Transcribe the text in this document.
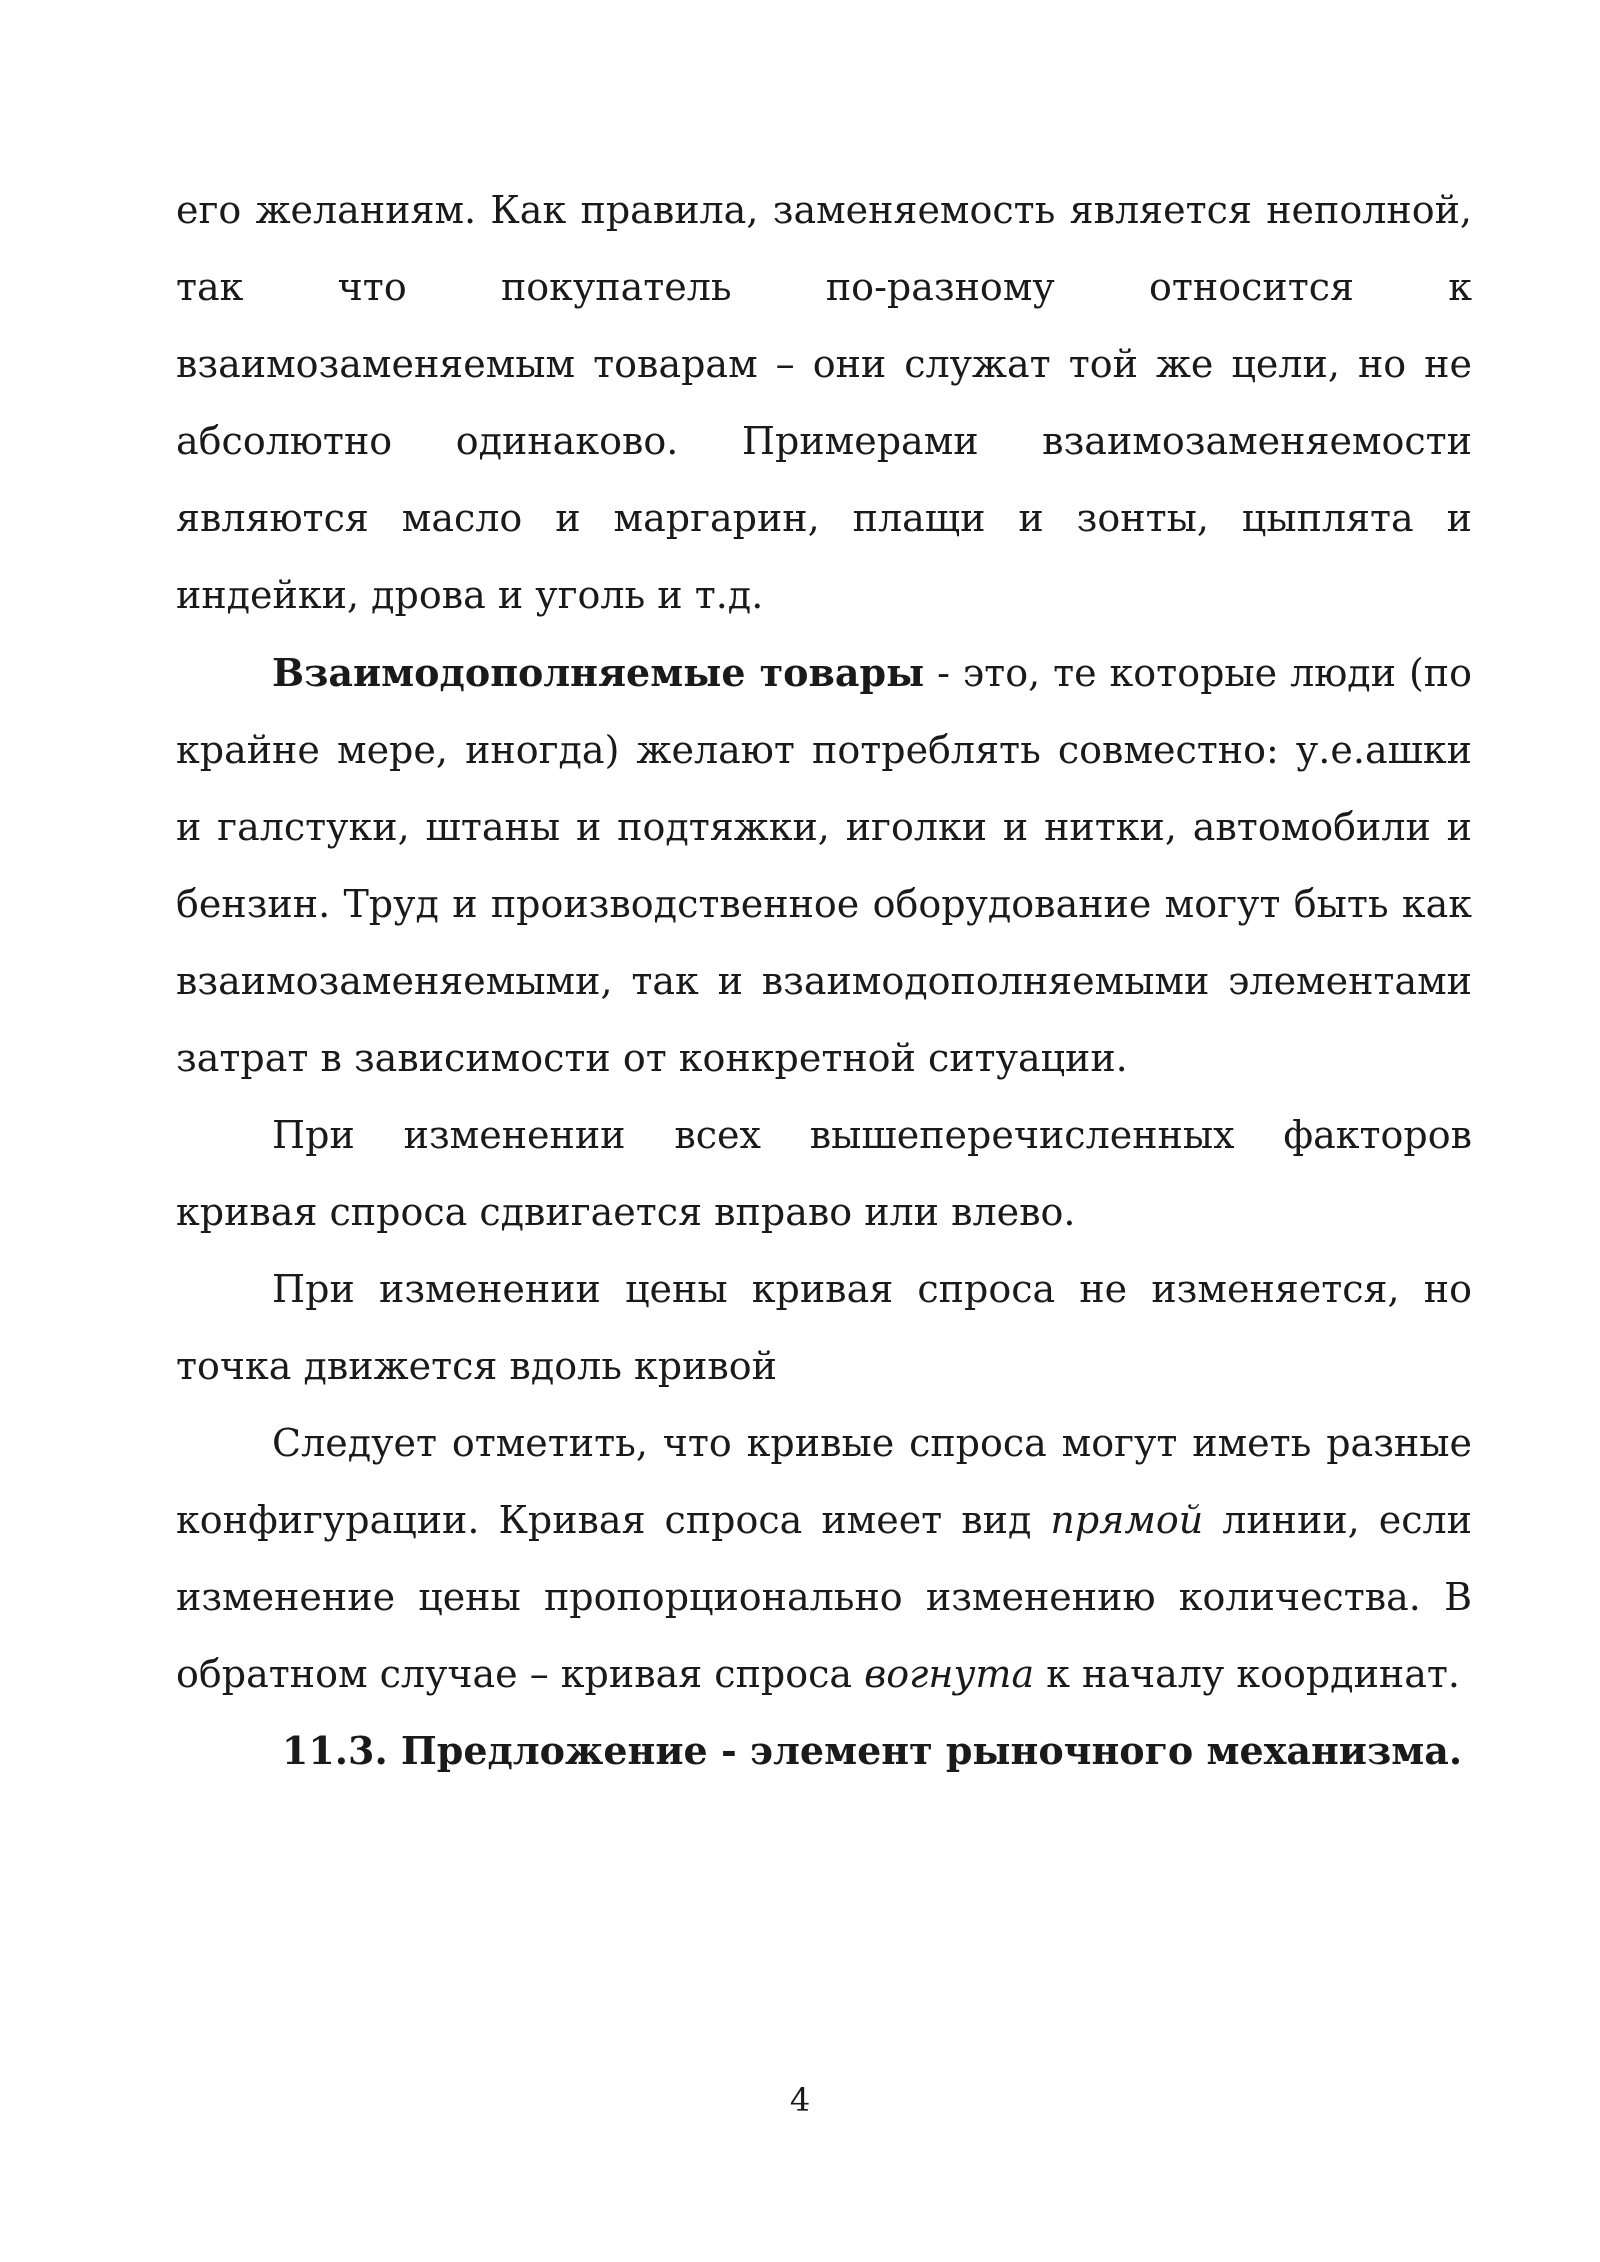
его желаниям. Как правила, заменяемость является неполной, так что покупатель по-разному относится к взаимозаменяемым товарам – они служат той же цели, но не абсолютно одинаково. Примерами взаимозаменяемости являются масло и маргарин, плащи и зонты, цыплята и индейки, дрова и уголь и т.д.

Взаимодополняемые товары - это, те которые люди (по крайне мере, иногда) желают потреблять совместно: у.е.ашки и галстуки, штаны и подтяжки, иголки и нитки, автомобили и бензин. Труд и производственное оборудование могут быть как взаимозаменяемыми, так и взаимодополняемыми элементами затрат в зависимости от конкретной ситуации.

При изменении всех вышеперечисленных факторов кривая спроса сдвигается вправо или влево.

При изменении цены кривая спроса не изменяется, но точка движется вдоль кривой

Следует отметить, что кривые спроса могут иметь разные конфигурации. Кривая спроса имеет вид прямой линии, если изменение цены пропорционально изменению количества. В обратном случае – кривая спроса вогнута к началу координат.

11.3. Предложение - элемент рыночного механизма.
4
